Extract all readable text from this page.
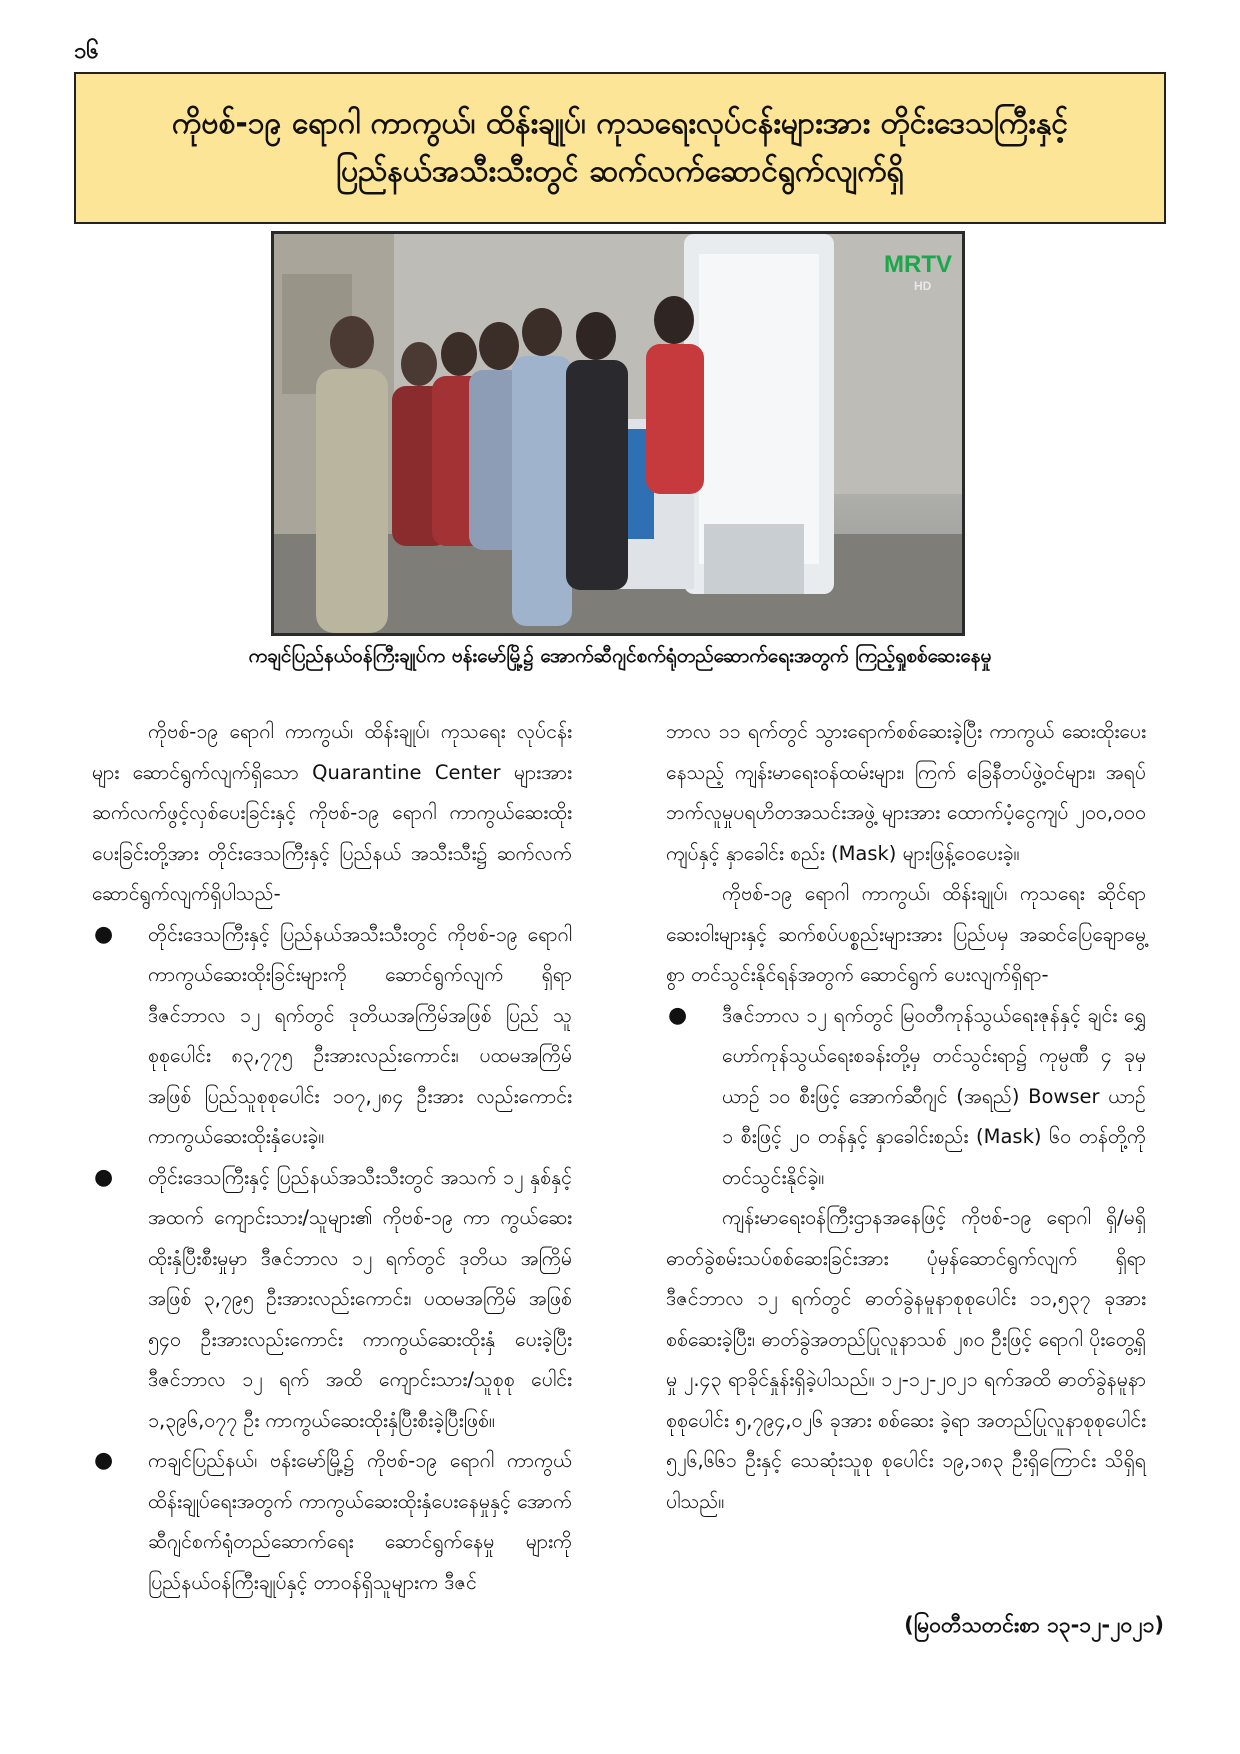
၁၆
ကိုဗစ်-၁၉ ရောဂါ ကာကွယ်၊ ထိန်းချုပ်၊ ကုသရေးလုပ်ငန်းများအား တိုင်းဒေသကြီးနှင့်
ပြည်နယ်အသီးသီးတွင် ဆက်လက်ဆောင်ရွက်လျက်ရှိ
MRTV
HD
ကချင်ပြည်နယ်ဝန်ကြီးချုပ်က ဗန်းမော်မြို့၌ အောက်ဆီဂျင်စက်ရုံတည်ဆောက်ရေးအတွက် ကြည့်ရှုစစ်ဆေးနေမှု

ကိုဗစ်-၁၉ ရောဂါ ကာကွယ်၊ ထိန်းချုပ်၊ ကုသရေး လုပ်ငန်းများ ဆောင်ရွက်လျက်ရှိသော Quarantine Center များအား ဆက်လက်ဖွင့်လှစ်ပေးခြင်းနှင့် ကိုဗစ်-၁၉ ရောဂါ ကာကွယ်ဆေးထိုးပေးခြင်းတို့အား တိုင်းဒေသကြီးနှင့် ပြည်နယ် အသီးသီး၌ ဆက်လက်ဆောင်ရွက်လျက်ရှိပါသည်-

● တိုင်းဒေသကြီးနှင့် ပြည်နယ်အသီးသီးတွင် ကိုဗစ်-၁၉ ရောဂါ ကာကွယ်ဆေးထိုးခြင်းများကို ဆောင်ရွက်လျက် ရှိရာ ဒီဇင်ဘာလ ၁၂ ရက်တွင် ဒုတိယအကြိမ်အဖြစ် ပြည် သူစုစုပေါင်း ၈၃,၇၇၅ ဦးအားလည်းကောင်း၊ ပထမအကြိမ် အဖြစ် ပြည်သူစုစုပေါင်း ၁၀၇,၂၈၄ ဦးအား လည်းကောင်း ကာကွယ်ဆေးထိုးနှံပေးခဲ့။
● တိုင်းဒေသကြီးနှင့် ပြည်နယ်အသီးသီးတွင် အသက် ၁၂ နှစ်နှင့်အထက် ကျောင်းသား/သူများ၏ ကိုဗစ်-၁၉ ကာ ကွယ်ဆေးထိုးနှံပြီးစီးမှုမှာ ဒီဇင်ဘာလ ၁၂ ရက်တွင် ဒုတိယ အကြိမ်အဖြစ် ၃,၇၉၅ ဦးအားလည်းကောင်း၊ ပထမအကြိမ် အဖြစ် ၅၄၀ ဦးအားလည်းကောင်း ကာကွယ်ဆေးထိုးနှံ ပေးခဲ့ပြီး ဒီဇင်ဘာလ ၁၂ ရက် အထိ ကျောင်းသား/သူစုစု ပေါင်း ၁,၃၉၆,၀၇၇ ဦး ကာကွယ်ဆေးထိုးနှံပြီးစီးခဲ့ပြီးဖြစ်။
● ကချင်ပြည်နယ်၊ ဗန်းမော်မြို့၌ ကိုဗစ်-၁၉ ရောဂါ ကာကွယ် ထိန်းချုပ်ရေးအတွက် ကာကွယ်ဆေးထိုးနှံပေးနေမှုနှင့် အောက်ဆီဂျင်စက်ရုံတည်ဆောက်ရေး ဆောင်ရွက်နေမှု များကို ပြည်နယ်ဝန်ကြီးချုပ်နှင့် တာဝန်ရှိသူများက ဒီဇင်

ဘာလ ၁၁ ရက်တွင် သွားရောက်စစ်ဆေးခဲ့ပြီး ကာကွယ် ဆေးထိုးပေးနေသည့် ကျန်းမာရေးဝန်ထမ်းများ၊ ကြက် ခြေနီတပ်ဖွဲ့ဝင်များ၊ အရပ်ဘက်လူမှုပရဟိတအသင်းအဖွဲ့ များအား ထောက်ပံ့ငွေကျပ် ၂၀၀,၀၀၀ ကျပ်နှင့် နှာခေါင်း စည်း (Mask) များဖြန့်ဝေပေးခဲ့။

ကိုဗစ်-၁၉ ရောဂါ ကာကွယ်၊ ထိန်းချုပ်၊ ကုသရေး ဆိုင်ရာဆေးဝါးများနှင့် ဆက်စပ်ပစ္စည်းများအား ပြည်ပမှ အဆင်ပြေချောမွေ့စွာ တင်သွင်းနိုင်ရန်အတွက် ဆောင်ရွက် ပေးလျက်ရှိရာ-

● ဒီဇင်ဘာလ ၁၂ ရက်တွင် မြဝတီကုန်သွယ်ရေးဇုန်နှင့် ချင်း ရွှေဟော်ကုန်သွယ်ရေးစခန်းတို့မှ တင်သွင်းရာ၌ ကုမ္ပဏီ ၄ ခုမှ ယာဉ် ၁၀ စီးဖြင့် အောက်ဆီဂျင် (အရည်) Bowser ယာဉ် ၁ စီးဖြင့် ၂၀ တန်နှင့် နှာခေါင်းစည်း (Mask) ၆၀ တန်တို့ကို တင်သွင်းနိုင်ခဲ့။

ကျန်းမာရေးဝန်ကြီးဌာနအနေဖြင့် ကိုဗစ်-၁၉ ရောဂါ ရှိ/မရှိ ဓာတ်ခွဲစမ်းသပ်စစ်ဆေးခြင်းအား ပုံမှန်ဆောင်ရွက်လျက် ရှိရာ ဒီဇင်ဘာလ ၁၂ ရက်တွင် ဓာတ်ခွဲနမူနာစုစုပေါင်း ၁၁,၅၃၇ ခုအား စစ်ဆေးခဲ့ပြီး၊ ဓာတ်ခွဲအတည်ပြုလူနာသစ် ၂၈၀ ဦးဖြင့် ရောဂါ ပိုးတွေ့ရှိမှု ၂.၄၃ ရာခိုင်နှုန်းရှိခဲ့ပါသည်။ ၁၂-၁၂-၂၀၂၁ ရက်အထိ ဓာတ်ခွဲနမူနာစုစုပေါင်း ၅,၇၉၄,၀၂၆ ခုအား စစ်ဆေး ခဲ့ရာ အတည်ပြုလူနာစုစုပေါင်း ၅၂၆,၆၆၁ ဦးနှင့် သေဆုံးသူစု စုပေါင်း ၁၉,၁၈၃ ဦးရှိကြောင်း သိရှိရပါသည်။

(မြဝတီသတင်းစာ ၁၃-၁၂-၂၀၂၁)
